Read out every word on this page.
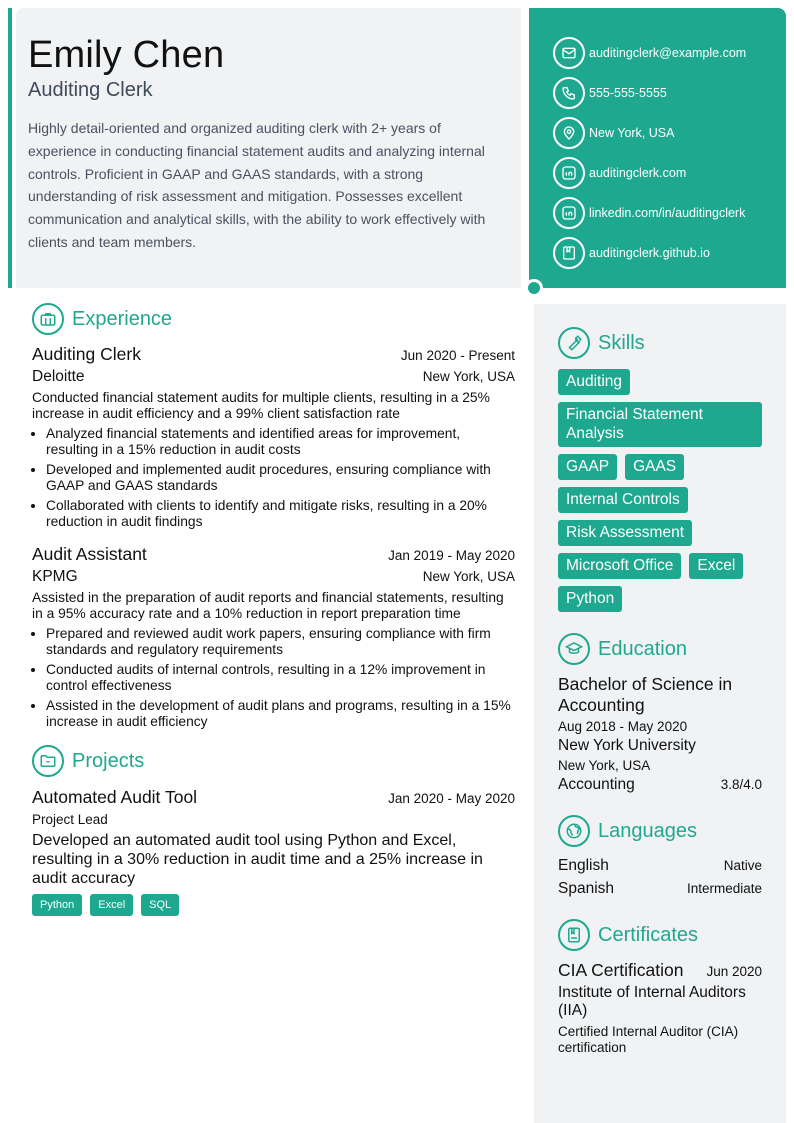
Emily Chen
Auditing Clerk
Highly detail-oriented and organized auditing clerk with 2+ years of experience in conducting financial statement audits and analyzing internal controls. Proficient in GAAP and GAAS standards, with a strong understanding of risk assessment and mitigation. Possesses excellent communication and analytical skills, with the ability to work effectively with clients and team members.
auditingclerk@example.com
555-555-5555
New York, USA
auditingclerk.com
linkedin.com/in/auditingclerk
auditingclerk.github.io
Experience
Auditing Clerk	Jun 2020 - Present
Deloitte	New York, USA
Conducted financial statement audits for multiple clients, resulting in a 25% increase in audit efficiency and a 99% client satisfaction rate
• Analyzed financial statements and identified areas for improvement, resulting in a 15% reduction in audit costs
• Developed and implemented audit procedures, ensuring compliance with GAAP and GAAS standards
• Collaborated with clients to identify and mitigate risks, resulting in a 20% reduction in audit findings
Audit Assistant	Jan 2019 - May 2020
KPMG	New York, USA
Assisted in the preparation of audit reports and financial statements, resulting in a 95% accuracy rate and a 10% reduction in report preparation time
• Prepared and reviewed audit work papers, ensuring compliance with firm standards and regulatory requirements
• Conducted audits of internal controls, resulting in a 12% improvement in control effectiveness
• Assisted in the development of audit plans and programs, resulting in a 15% increase in audit efficiency
Projects
Automated Audit Tool	Jan 2020 - May 2020
Project Lead
Developed an automated audit tool using Python and Excel, resulting in a 30% reduction in audit time and a 25% increase in audit accuracy
Python	Excel	SQL
Skills
Auditing
Financial Statement Analysis
GAAP	GAAS
Internal Controls
Risk Assessment
Microsoft Office	Excel
Python
Education
Bachelor of Science in Accounting
Aug 2018 - May 2020
New York University
New York, USA
Accounting	3.8/4.0
Languages
English	Native
Spanish	Intermediate
Certificates
CIA Certification Jun 2020
Institute of Internal Auditors (IIA)
Certified Internal Auditor (CIA) certification
